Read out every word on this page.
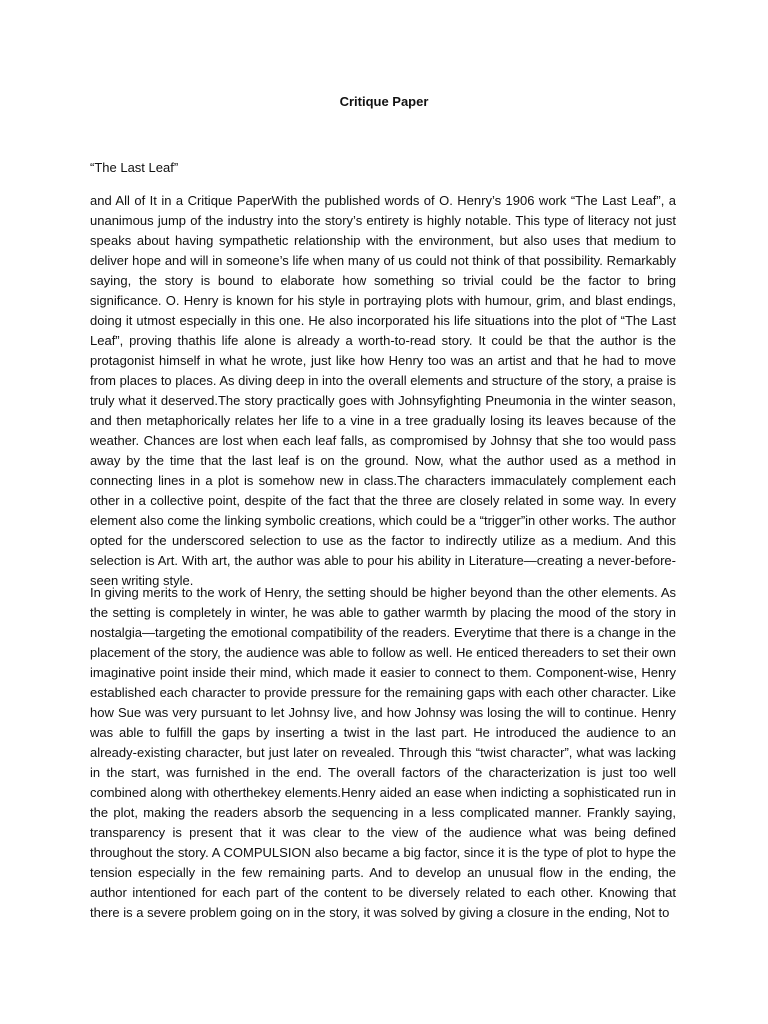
Critique Paper
“The Last Leaf”

and All of It in a Critique PaperWith the published words of O. Henry’s 1906 work “The Last Leaf”, a unanimous jump of the industry into the story’s entirety is highly notable. This type of literacy not just speaks about having sympathetic relationship with the environment, but also uses that medium to deliver hope and will in someone’s life when many of us could not think of that possibility. Remarkably saying, the story is bound to elaborate how something so trivial could be the factor to bring significance. O. Henry is known for his style in portraying plots with humour, grim, and blast endings, doing it utmost especially in this one. He also incorporated his life situations into the plot of “The Last Leaf”, proving thathis life alone is already a worth-to-read story. It could be that the author is the protagonist himself in what he wrote, just like how Henry too was an artist and that he had to move from places to places. As diving deep in into the overall elements and structure of the story, a praise is truly what it deserved.The story practically goes with Johnsyfighting Pneumonia in the winter season, and then metaphorically relates her life to a vine in a tree gradually losing its leaves because of the weather. Chances are lost when each leaf falls, as compromised by Johnsy that she too would pass away by the time that the last leaf is on the ground. Now, what the author used as a method in connecting lines in a plot is somehow new in class.The characters immaculately complement each other in a collective point, despite of the fact that the three are closely related in some way. In every element also come the linking symbolic creations, which could be a “trigger”in other works. The author opted for the underscored selection to use as the factor to indirectly utilize as a medium. And this selection is Art. With art, the author was able to pour his ability in Literature—creating a never-before-seen writing style.

In giving merits to the work of Henry, the setting should be higher beyond than the other elements. As the setting is completely in winter, he was able to gather warmth by placing the mood of the story in nostalgia—targeting the emotional compatibility of the readers. Everytime that there is a change in the placement of the story, the audience was able to follow as well. He enticed thereaders to set their own imaginative point inside their mind, which made it easier to connect to them. Component-wise, Henry established each character to provide pressure for the remaining gaps with each other character. Like how Sue was very pursuant to let Johnsy live, and how Johnsy was losing the will to continue. Henry was able to fulfill the gaps by inserting a twist in the last part. He introduced the audience to an already-existing character, but just later on revealed. Through this “twist character”, what was lacking in the start, was furnished in the end. The overall factors of the characterization is just too well combined along with otherthekey elements.Henry aided an ease when indicting a sophisticated run in the plot, making the readers absorb the sequencing in a less complicated manner. Frankly saying, transparency is present that it was clear to the view of the audience what was being defined throughout the story. A COMPULSION also became a big factor, since it is the type of plot to hype the tension especially in the few remaining parts. And to develop an unusual flow in the ending, the author intentioned for each part of the content to be diversely related to each other. Knowing that there is a severe problem going on in the story, it was solved by giving a closure in the ending, Not to
